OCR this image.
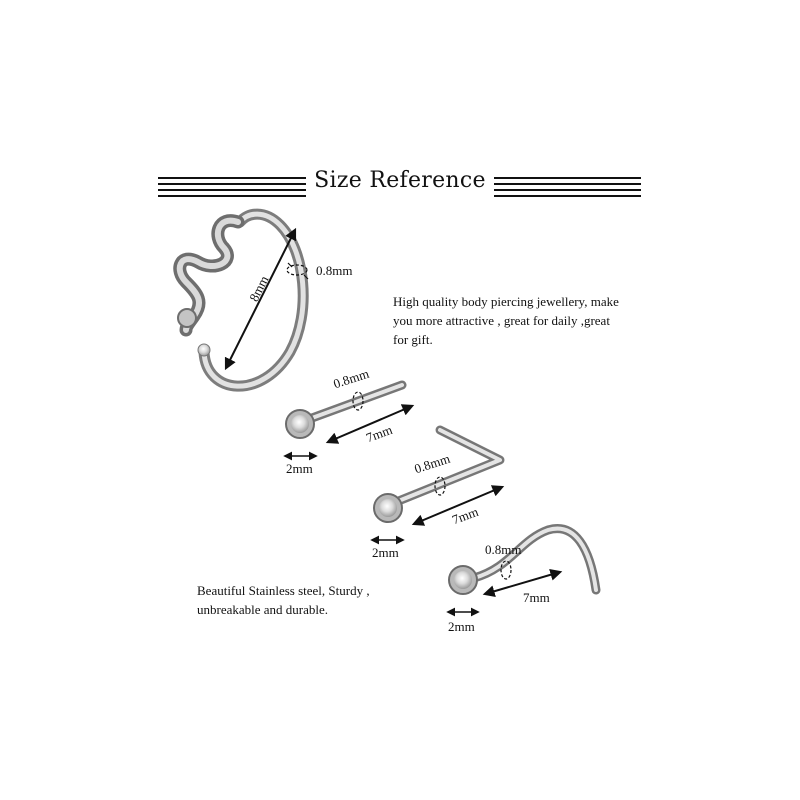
Size Reference
0.8mm
8mm	High quality body piercing jewellery, make you more attractive , great for daily ,great for gift.
Beautiful Stainless steel, Sturdy , unbreakable and durable.
0.8mm
7mm
2mm	0.8mm
7mm
2mm	0.8mm
7mm
2mm
